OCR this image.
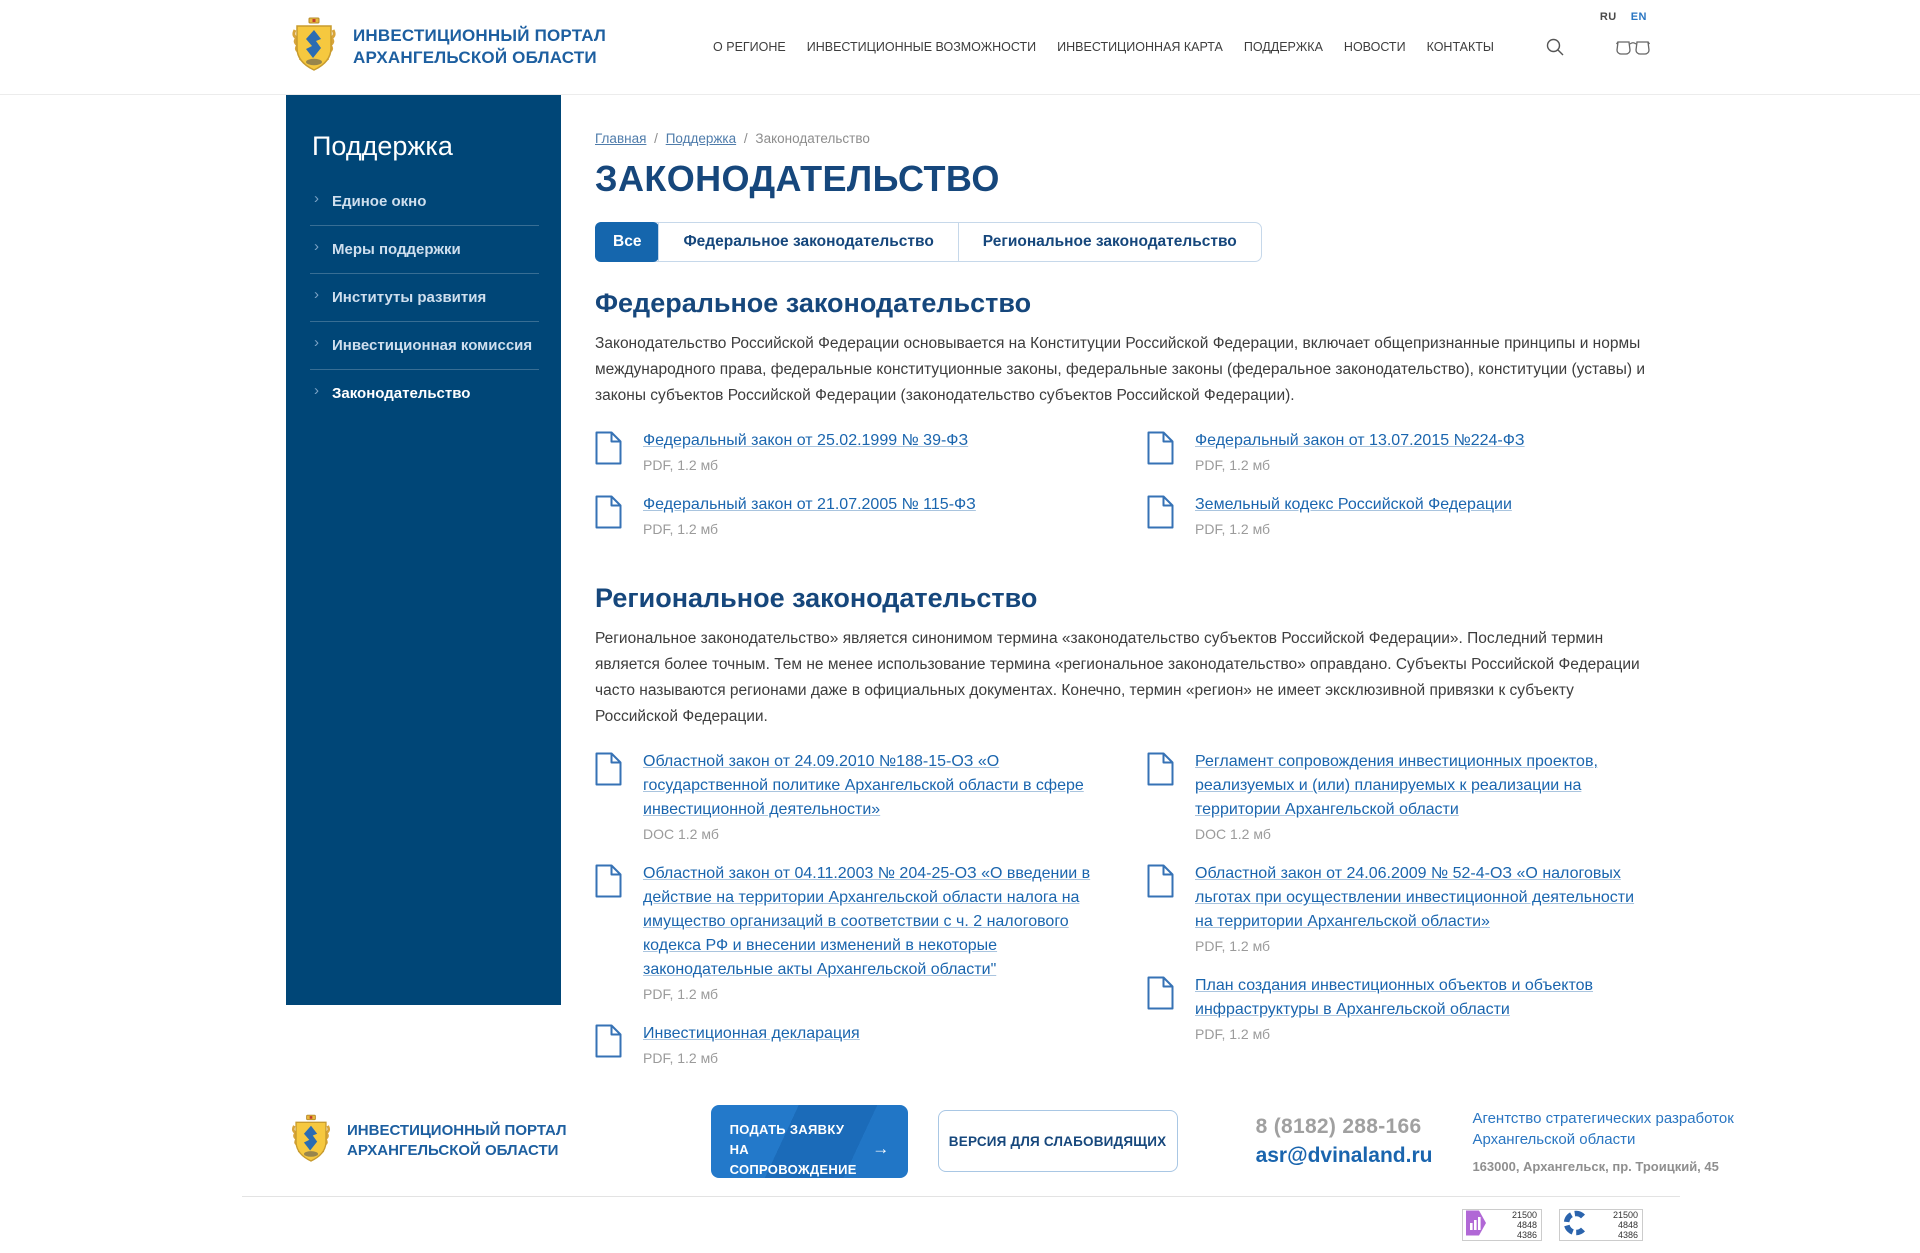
ИНВЕСТИЦИОННЫЙ ПОРТАЛ
АРХАНГЕЛЬСКОЙ ОБЛАСТИ
RU EN
О РЕГИОНЕ ИНВЕСТИЦИОННЫЕ ВОЗМОЖНОСТИ ИНВЕСТИЦИОННАЯ КАРТА ПОДДЕРЖКА НОВОСТИ КОНТАКТЫ
Поддержка
› Единое окно
› Меры поддержки
› Институты развития
› Инвестиционная комиссия
› Законодательство
Главная / Поддержка / Законодательство
ЗАКОНОДАТЕЛЬСТВО
Все	Федеральное законодательство	Региональное законодательство
Федеральное законодательство

Законодательство Российской Федерации основывается на Конституции Российской Федерации, включает общепризнанные принципы и нормы международного права, федеральные конституционные законы, федеральные законы (федеральное законодательство), конституции (уставы) и законы субъектов Российской Федерации (законодательство субъектов Российской Федерации).

Федеральный закон от 25.02.1999 № 39-ФЗ
PDF, 1.2 мб
Федеральный закон от 21.07.2005 № 115-ФЗ
PDF, 1.2 мб
Федеральный закон от 13.07.2015 №224-ФЗ
PDF, 1.2 мб
Земельный кодекс Российской Федерации
PDF, 1.2 мб
Региональное законодательство

Региональное законодательство» является синонимом термина «законодательство субъектов Российской Федерации». Последний термин является более точным. Тем не менее использование термина «региональное законодательство» оправдано. Субъекты Российской Федерации часто называются регионами даже в официальных документах. Конечно, термин «регион» не имеет эксклюзивной привязки к субъекту Российской Федерации.

Областной закон от 24.09.2010 №188-15-ОЗ «О государственной политике Архангельской области в сфере инвестиционной деятельности»
DOC 1.2 мб
Областной закон от 04.11.2003 № 204-25-ОЗ «О введении в действие на территории Архангельской области налога на имущество организаций в соответствии с ч. 2 налогового кодекса РФ и внесении изменений в некоторые законодательные акты Архангельской области"
PDF, 1.2 мб
Инвестиционная декларация
PDF, 1.2 мб
Регламент сопровождения инвестиционных проектов, реализуемых и (или) планируемых к реализации на территории Архангельской области
DOC 1.2 мб
Областной закон от 24.06.2009 № 52-4-ОЗ «О налоговых льготах при осуществлении инвестиционной деятельности на территории Архангельской области»
PDF, 1.2 мб
План создания инвестиционных объектов и объектов инфраструктуры в Архангельской области
PDF, 1.2 мб
ИНВЕСТИЦИОННЫЙ ПОРТАЛ
АРХАНГЕЛЬСКОЙ ОБЛАСТИ
ПОДАТЬ ЗАЯВКУ НА СОПРОВОЖДЕНИЕ
→	ВЕРСИЯ ДЛЯ СЛАБОВИДЯЩИХ
8 (8182) 288-166
asr@dvinaland.ru
Агентство стратегических разработок
Архангельской области
163000, Архангельск, пр. Троицкий, 45
21500
4848
4386
21500
4848
4386
